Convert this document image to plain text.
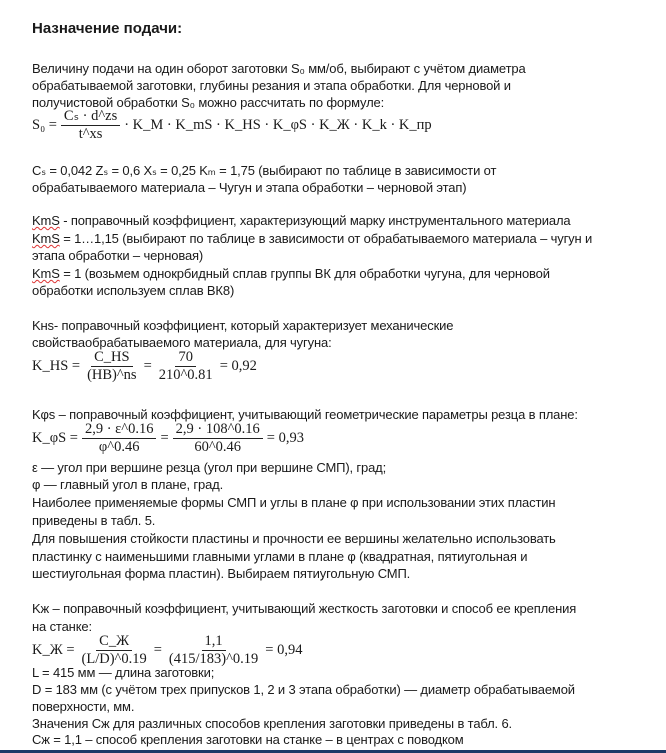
Назначение подачи:
Величину подачи на один оборот заготовки S₀ мм/об, выбирают с учётом диаметра
обрабатываемой заготовки, глубины резания и этапа обработки. Для черновой и
получистовой обработки S₀ можно рассчитать по формуле:
$S_0 = \frac{\text{Cₛ · d\textasciicircum{}zs}}{t\^{}xs}$ · K_M · K_mS · K_HS · K_φS · K_Ж · K_k · K_пр
Cₛ = 0,042 Zₛ = 0,6 Xₛ = 0,25 Kₘ = 1,75 (выбирают по таблице в зависимости от
обрабатываемого материала – Чугун и этапа обработки – черновой этап)
KmS - поправочный коэффициент, характеризующий марку инструментального материала
KmS = 1…1,15 (выбирают по таблице в зависимости от обрабатываемого материала – чугун и
этапа обработки – черновая)
KmS = 1 (возьмем однокрбидный сплав группы ВК для обработки чугуна, для черновой
обработки используем сплав ВК8)
Kʜs- поправочный коэффициент, который характеризует механические
свойстваобрабатываемого материала, для чугуна:
K_HS = $\frac{C\_HS}{(HB)\^{}ns} = \frac{70}{210\^{}0.81} = 0,92$
Kφs – поправочный коэффициент, учитывающий геометрические параметры резца в плане:
K_φS = $\frac{2,9 \cdot \varepsilon\^{}0.16}{\varphi\^{}0.46} = \frac{2,9 \cdot 108\^{}0.16}{60\^{}0.46} = 0,93$
ε — угол при вершине резца (угол при вершине СМП), град;
φ — главный угол в плане, град.
Наиболее применяемые формы СМП и углы в плане φ при использовании этих пластин
приведены в табл. 5.
Для повышения стойкости пластины и прочности ее вершины желательно использовать
пластинку с наименьшими главными углами в плане φ (квадратная, пятиугольная и
шестиугольная форма пластин). Выбираем пятиугольную СМП.
Kж – поправочный коэффициент, учитывающий жесткость заготовки и способ ее крепления
на станке:
K_Ж = $\frac{C\_Ж}{(L/D)\^{}0.19} = \frac{1,1}{(415/183)\^{}0.19} = 0,94$
L = 415 мм — длина заготовки;
D = 183 мм (с учётом трех припусков 1, 2 и 3 этапа обработки) — диаметр обрабатываемой
поверхности, мм.
Значения Cж для различных способов крепления заготовки приведены в табл. 6.
Cж = 1,1 – способ крепления заготовки на станке – в центрах с поводком
